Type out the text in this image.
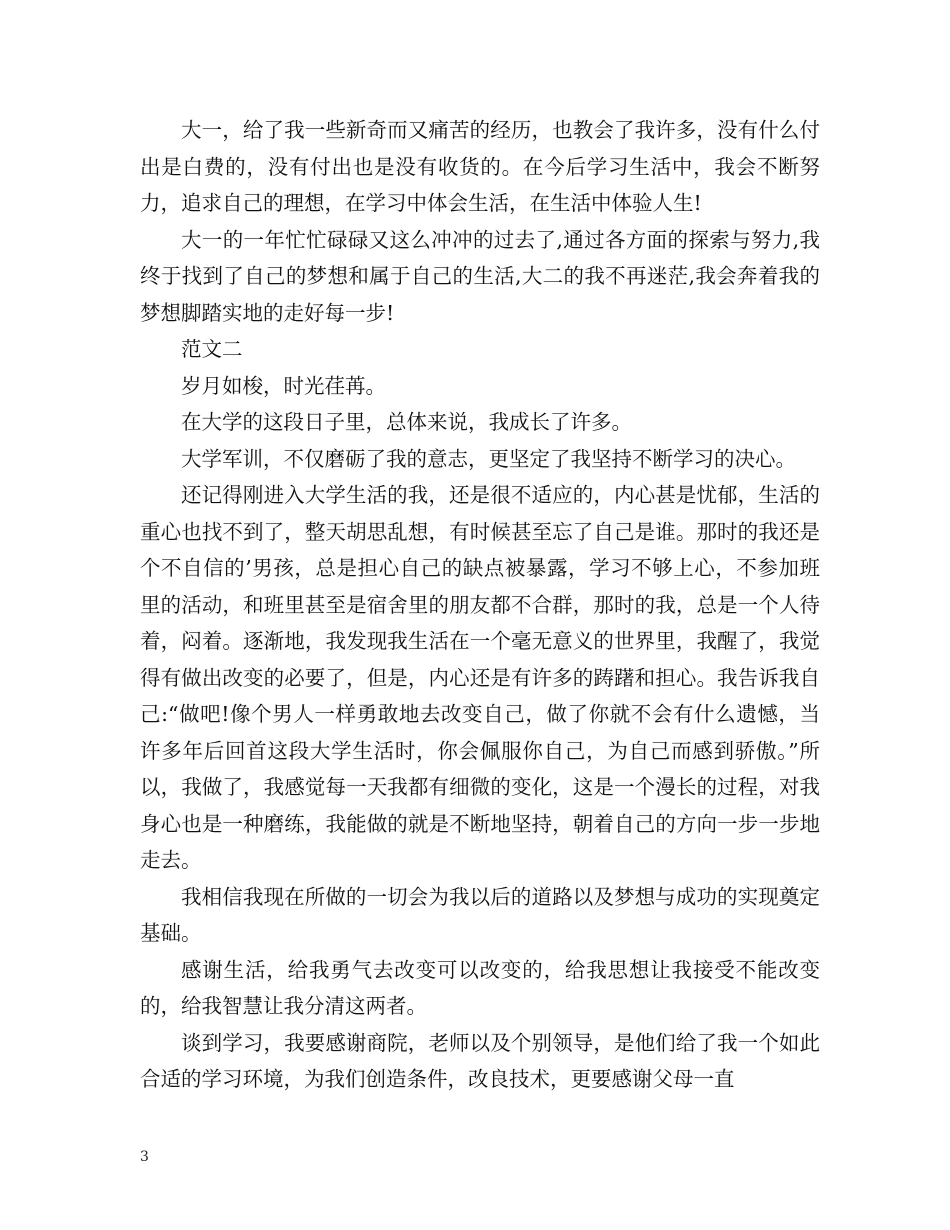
大一，给了我一些新奇而又痛苦的经历，也教会了我许多，没有什么付出是白费的，没有付出也是没有收货的。在今后学习生活中，我会不断努力，追求自己的理想，在学习中体会生活，在生活中体验人生!

大一的一年忙忙碌碌又这么冲冲的过去了,通过各方面的探索与努力,我终于找到了自己的梦想和属于自己的生活,大二的我不再迷茫,我会奔着我的梦想脚踏实地的走好每一步!

范文二

岁月如梭，时光荏苒。

在大学的这段日子里，总体来说，我成长了许多。

大学军训，不仅磨砺了我的意志，更坚定了我坚持不断学习的决心。

还记得刚进入大学生活的我，还是很不适应的，内心甚是忧郁，生活的重心也找不到了，整天胡思乱想，有时候甚至忘了自己是谁。那时的我还是个不自信的’男孩，总是担心自己的缺点被暴露，学习不够上心，不参加班里的活动，和班里甚至是宿舍里的朋友都不合群，那时的我，总是一个人待着，闷着。逐渐地，我发现我生活在一个毫无意义的世界里，我醒了，我觉得有做出改变的必要了，但是，内心还是有许多的踌躇和担心。我告诉我自己:“做吧!像个男人一样勇敢地去改变自己，做了你就不会有什么遗憾，当许多年后回首这段大学生活时，你会佩服你自己，为自己而感到骄傲。”所以，我做了，我感觉每一天我都有细微的变化，这是一个漫长的过程，对我身心也是一种磨练，我能做的就是不断地坚持，朝着自己的方向一步一步地走去。

我相信我现在所做的一切会为我以后的道路以及梦想与成功的实现奠定基础。

感谢生活，给我勇气去改变可以改变的，给我思想让我接受不能改变的，给我智慧让我分清这两者。

谈到学习，我要感谢商院，老师以及个别领导，是他们给了我一个如此合适的学习环境，为我们创造条件，改良技术，更要感谢父母一直

3
